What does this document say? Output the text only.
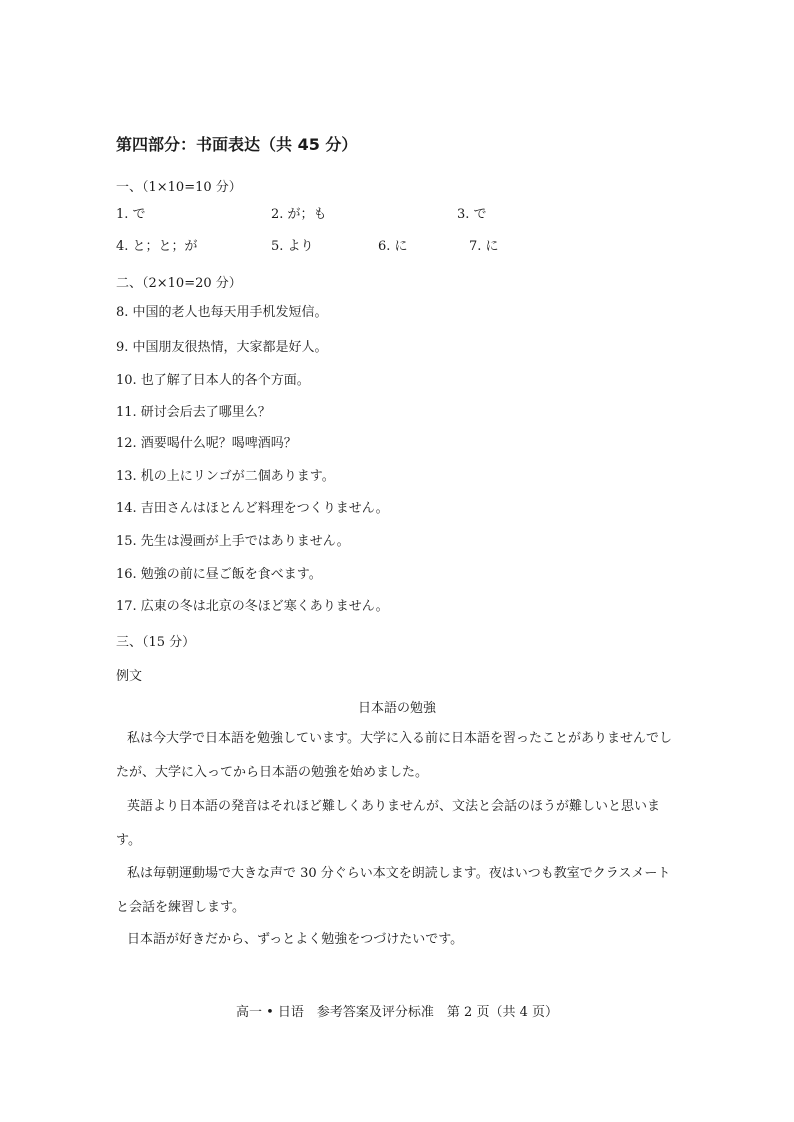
第四部分：书面表达（共 45 分）
一、（1×10=10 分）
1. で	2. が；も	3. で
4. と；と；が	5. より	6. に	7. に
二、（2×10=20 分）
8. 中国的老人也每天用手机发短信。
9. 中国朋友很热情，大家都是好人。
10. 也了解了日本人的各个方面。
11. 研讨会后去了哪里么？
12. 酒要喝什么呢？喝啤酒吗？
13. 机の上にリンゴが二個あります。
14. 吉田さんはほとんど料理をつくりません。
15. 先生は漫画が上手ではありません。
16. 勉強の前に昼ご飯を食べます。
17. 広東の冬は北京の冬ほど寒くありません。
三、（15 分）
例文
日本語の勉強
私は今大学で日本語を勉強しています。大学に入る前に日本語を習ったことがありませんでしたが、大学に入ってから日本語の勉強を始めました。
英語より日本語の発音はそれほど難しくありませんが、文法と会話のほうが難しいと思います。
私は毎朝運動場で大きな声で 30 分ぐらい本文を朗読します。夜はいつも教室でクラスメートと会話を練習します。
日本語が好きだから、ずっとよく勉強をつづけたいです。
高一 • 日语　参考答案及评分标准　第 2 页（共 4 页）
